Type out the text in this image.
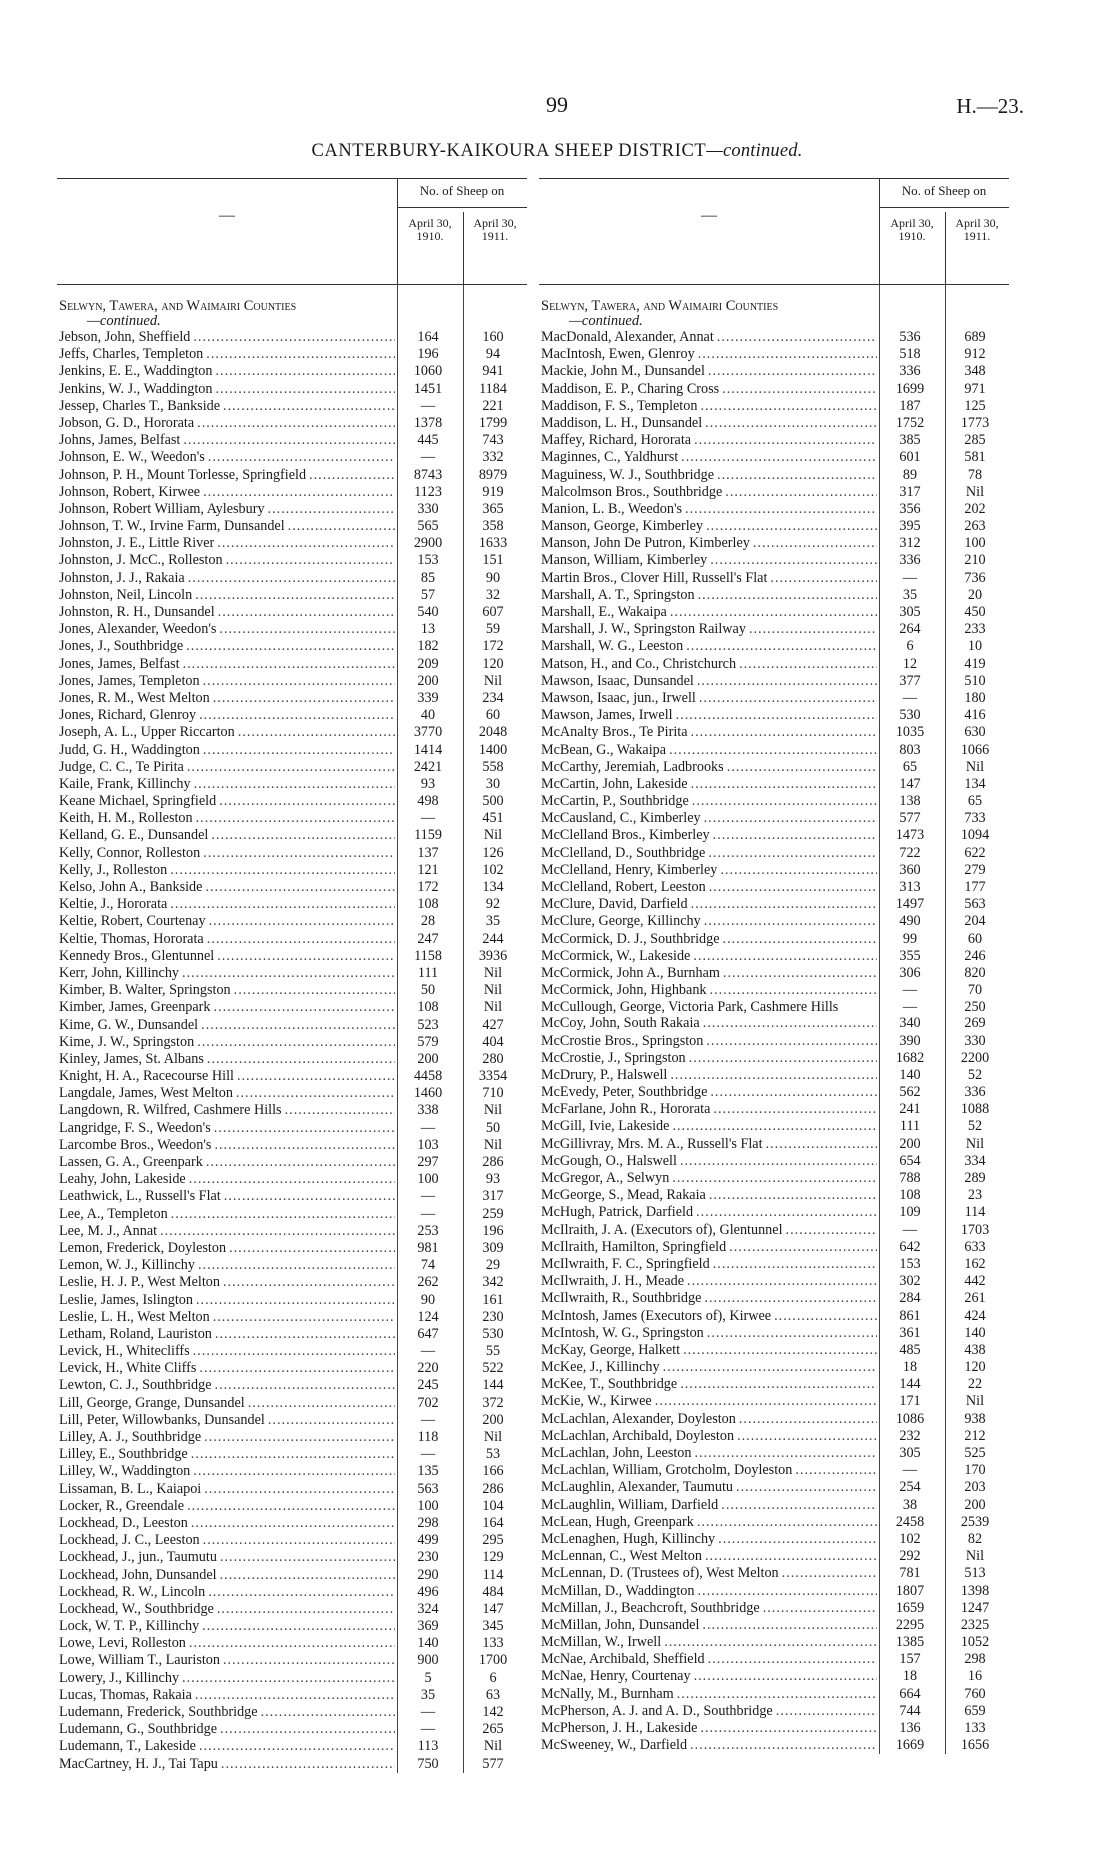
99	H.—23.
CANTERBURY-KAIKOURA SHEEP DISTRICT—continued.
—
No. of Sheep on
April 30, 1910.
April 30, 1911.
Selwyn, Tawera, and Waimairi Counties
—continued.
Jebson, John, Sheffield .....	164	160
Jeffs, Charles, Templeton .....	196	94
Jenkins, E. E., Waddington .....	1060	941
Jenkins, W. J., Waddington .....	1451	1184
Jessep, Charles T., Bankside .....	—	221
Jobson, G. D., Hororata .....	1378	1799
Johns, James, Belfast .....	445	743
Johnson, E. W., Weedon's .....	—	332
Johnson, P. H., Mount Torlesse, Springfield .....	8743	8979
Johnson, Robert, Kirwee .....	1123	919
Johnson, Robert William, Aylesbury .....	330	365
Johnson, T. W., Irvine Farm, Dunsandel .....	565	358
Johnston, J. E., Little River .....	2900	1633
Johnston, J. McC., Rolleston .....	153	151
Johnston, J. J., Rakaia .....	85	90
Johnston, Neil, Lincoln .....	57	32
Johnston, R. H., Dunsandel .....	540	607
Jones, Alexander, Weedon's .....	13	59
Jones, J., Southbridge .....	182	172
Jones, James, Belfast .....	209	120
Jones, James, Templeton .....	200	Nil
Jones, R. M., West Melton .....	339	234
Jones, Richard, Glenroy .....	40	60
Joseph, A. L., Upper Riccarton .....	3770	2048
Judd, G. H., Waddington .....	1414	1400
Judge, C. C., Te Pirita .....	2421	558
Kaile, Frank, Killinchy .....	93	30
Keane Michael, Springfield .....	498	500
Keith, H. M., Rolleston .....	—	451
Kelland, G. E., Dunsandel .....	1159	Nil
Kelly, Connor, Rolleston .....	137	126
Kelly, J., Rolleston .....	121	102
Kelso, John A., Bankside .....	172	134
Keltie, J., Hororata .....	108	92
Keltie, Robert, Courtenay .....	28	35
Keltie, Thomas, Hororata .....	247	244
Kennedy Bros., Glentunnel .....	1158	3936
Kerr, John, Killinchy .....	111	Nil
Kimber, B. Walter, Springston .....	50	Nil
Kimber, James, Greenpark .....	108	Nil
Kime, G. W., Dunsandel .....	523	427
Kime, J. W., Springston .....	579	404
Kinley, James, St. Albans .....	200	280
Knight, H. A., Racecourse Hill .....	4458	3354
Langdale, James, West Melton .....	1460	710
Langdown, R. Wilfred, Cashmere Hills .....	338	Nil
Langridge, F. S., Weedon's .....	—	50
Larcombe Bros., Weedon's .....	103	Nil
Lassen, G. A., Greenpark .....	297	286
Leahy, John, Lakeside .....	100	93
Leathwick, L., Russell's Flat .....	—	317
Lee, A., Templeton .....	—	259
Lee, M. J., Annat .....	253	196
Lemon, Frederick, Doyleston .....	981	309
Lemon, W. J., Killinchy .....	74	29
Leslie, H. J. P., West Melton .....	262	342
Leslie, James, Islington .....	90	161
Leslie, L. H., West Melton .....	124	230
Letham, Roland, Lauriston .....	647	530
Levick, H., Whitecliffs .....	—	55
Levick, H., White Cliffs .....	220	522
Lewton, C. J., Southbridge .....	245	144
Lill, George, Grange, Dunsandel .....	702	372
Lill, Peter, Willowbanks, Dunsandel .....	—	200
Lilley, A. J., Southbridge .....	118	Nil
Lilley, E., Southbridge .....	—	53
Lilley, W., Waddington .....	135	166
Lissaman, B. L., Kaiapoi .....	563	286
Locker, R., Greendale .....	100	104
Lockhead, D., Leeston .....	298	164
Lockhead, J. C., Leeston .....	499	295
Lockhead, J., jun., Taumutu .....	230	129
Lockhead, John, Dunsandel .....	290	114
Lockhead, R. W., Lincoln .....	496	484
Lockhead, W., Southbridge .....	324	147
Lock, W. T. P., Killinchy .....	369	345
Lowe, Levi, Rolleston .....	140	133
Lowe, William T., Lauriston .....	900	1700
Lowery, J., Killinchy .....	5	6
Lucas, Thomas, Rakaia .....	35	63
Ludemann, Frederick, Southbridge .....	—	142
Ludemann, G., Southbridge .....	—	265
Ludemann, T., Lakeside .....	113	Nil
MacCartney, H. J., Tai Tapu .....	750	577
—
No. of Sheep on
April 30, 1910.
April 30, 1911.
Selwyn, Tawera, and Waimairi Counties
—continued.
MacDonald, Alexander, Annat .....	536	689
MacIntosh, Ewen, Glenroy .....	518	912
Mackie, John M., Dunsandel .....	336	348
Maddison, E. P., Charing Cross .....	1699	971
Maddison, F. S., Templeton .....	187	125
Maddison, L. H., Dunsandel .....	1752	1773
Maffey, Richard, Hororata .....	385	285
Maginnes, C., Yaldhurst .....	601	581
Maguiness, W. J., Southbridge .....	89	78
Malcolmson Bros., Southbridge .....	317	Nil
Manion, L. B., Weedon's .....	356	202
Manson, George, Kimberley .....	395	263
Manson, John De Putron, Kimberley .....	312	100
Manson, William, Kimberley .....	336	210
Martin Bros., Clover Hill, Russell's Flat .....	—	736
Marshall, A. T., Springston .....	35	20
Marshall, E., Wakaipa .....	305	450
Marshall, J. W., Springston Railway .....	264	233
Marshall, W. G., Leeston .....	6	10
Matson, H., and Co., Christchurch .....	12	419
Mawson, Isaac, Dunsandel .....	377	510
Mawson, Isaac, jun., Irwell .....	—	180
Mawson, James, Irwell .....	530	416
McAnalty Bros., Te Pirita .....	1035	630
McBean, G., Wakaipa .....	803	1066
McCarthy, Jeremiah, Ladbrooks .....	65	Nil
McCartin, John, Lakeside .....	147	134
McCartin, P., Southbridge .....	138	65
McCausland, C., Kimberley .....	577	733
McClelland Bros., Kimberley .....	1473	1094
McClelland, D., Southbridge .....	722	622
McClelland, Henry, Kimberley .....	360	279
McClelland, Robert, Leeston .....	313	177
McClure, David, Darfield .....	1497	563
McClure, George, Killinchy .....	490	204
McCormick, D. J., Southbridge .....	99	60
McCormick, W., Lakeside .....	355	246
McCormick, John A., Burnham .....	306	820
McCormick, John, Highbank .....	—	70
McCullough, George, Victoria Park, Cashmere Hills	—	250
McCoy, John, South Rakaia .....	340	269
McCrostie Bros., Springston .....	390	330
McCrostie, J., Springston .....	1682	2200
McDrury, P., Halswell .....	140	52
McEvedy, Peter, Southbridge .....	562	336
McFarlane, John R., Hororata .....	241	1088
McGill, Ivie, Lakeside .....	111	52
McGillivray, Mrs. M. A., Russell's Flat .....	200	Nil
McGough, O., Halswell .....	654	334
McGregor, A., Selwyn .....	788	289
McGeorge, S., Mead, Rakaia .....	108	23
McHugh, Patrick, Darfield .....	109	114
McIlraith, J. A. (Executors of), Glentunnel .....	—	1703
McIlraith, Hamilton, Springfield .....	642	633
McIlwraith, F. C., Springfield .....	153	162
McIlwraith, J. H., Meade .....	302	442
McIlwraith, R., Southbridge .....	284	261
McIntosh, James (Executors of), Kirwee .....	861	424
McIntosh, W. G., Springston .....	361	140
McKay, George, Halkett .....	485	438
McKee, J., Killinchy .....	18	120
McKee, T., Southbridge .....	144	22
McKie, W., Kirwee .....	171	Nil
McLachlan, Alexander, Doyleston .....	1086	938
McLachlan, Archibald, Doyleston .....	232	212
McLachlan, John, Leeston .....	305	525
McLachlan, William, Grotcholm, Doyleston .....	—	170
McLaughlin, Alexander, Taumutu .....	254	203
McLaughlin, William, Darfield .....	38	200
McLean, Hugh, Greenpark .....	2458	2539
McLenaghen, Hugh, Killinchy .....	102	82
McLennan, C., West Melton .....	292	Nil
McLennan, D. (Trustees of), West Melton .....	781	513
McMillan, D., Waddington .....	1807	1398
McMillan, J., Beachcroft, Southbridge .....	1659	1247
McMillan, John, Dunsandel .....	2295	2325
McMillan, W., Irwell .....	1385	1052
McNae, Archibald, Sheffield .....	157	298
McNae, Henry, Courtenay .....	18	16
McNally, M., Burnham .....	664	760
McPherson, A. J. and A. D., Southbridge .....	744	659
McPherson, J. H., Lakeside .....	136	133
McSweeney, W., Darfield .....	1669	1656
